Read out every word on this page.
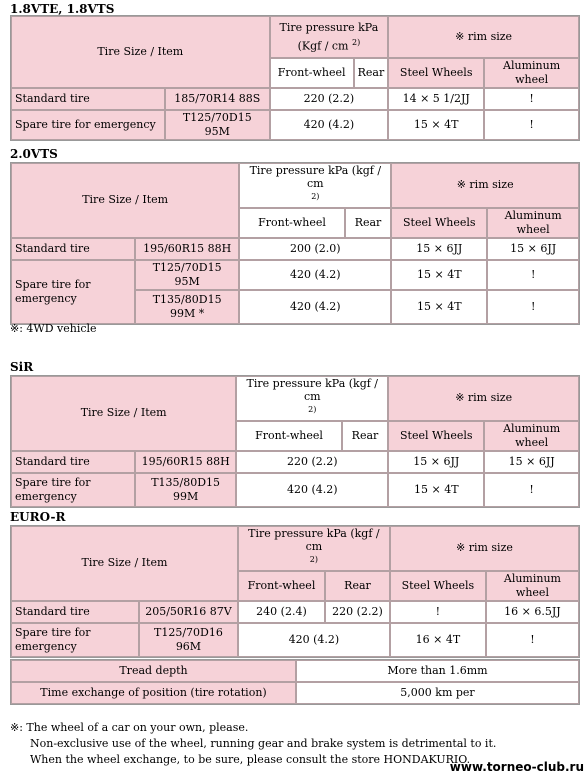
1.8VTE, 1.8VTS
Tire Size / Item		Tire pressure kPa
(Kgf / cm $^{2)}$		※ rim size	
		Front-wheel	Rear	Steel Wheels	Aluminum wheel
Standard tire	185/70R14 88S	220 (2.2)		14 × 5 1/2JJ	!
Spare tire for emergency	T125/70D15 95M	420 (4.2)		15 × 4T	!
2.0VTS
Tire Size / Item		Tire pressure kPa (kgf / cm
$^{2)}$		※ rim size	
		Front-wheel	Rear	Steel Wheels	Aluminum wheel
Standard tire	195/60R15 88H	200 (2.0)		15 × 6JJ	15 × 6JJ
Spare tire for emergency	T125/70D15 95M	420 (4.2)		15 × 4T	!
	T135/80D15 99M *	420 (4.2)		15 × 4T	!
※: 4WD vehicle
SiR
Tire Size / Item		Tire pressure kPa (kgf / cm
$^{2)}$		※ rim size	
		Front-wheel	Rear	Steel Wheels	Aluminum wheel
Standard tire	195/60R15 88H	220 (2.2)		15 × 6JJ	15 × 6JJ
Spare tire for emergency	T135/80D15 99M	420 (4.2)		15 × 4T	!
EURO-R
Tire Size / Item		Tire pressure kPa (kgf / cm
$^{2)}$		※ rim size	
		Front-wheel	Rear	Steel Wheels	Aluminum wheel
Standard tire	205/50R16 87V	240 (2.4)	220 (2.2)	!	16 × 6.5JJ
Spare tire for emergency	T125/70D16 96M	420 (4.2)		16 × 4T	!
Tread depth	More than 1.6mm
Time exchange of position (tire rotation)	5,000 km per
※: The wheel of a car on your own, please.
Non-exclusive use of the wheel, running gear and brake system is detrimental to it.
When the wheel exchange, to be sure, please consult the store HONDAKURIO.
www.torneo-club.ru
